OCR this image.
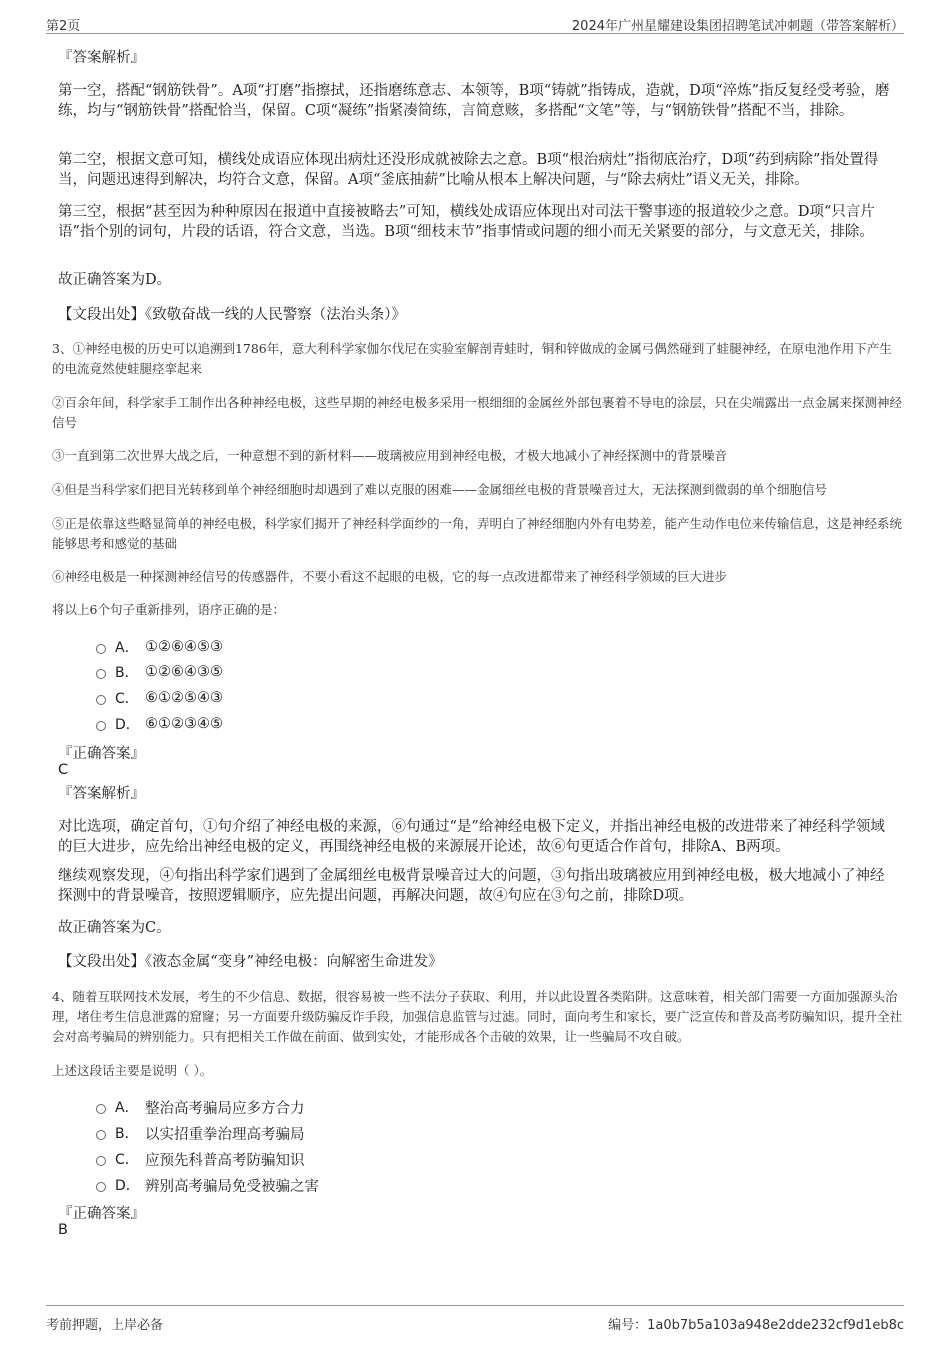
第2页	2024年广州星耀建设集团招聘笔试冲刺题（带答案解析）
『答案解析』
第一空，搭配“钢筋铁骨”。A项“打磨”指擦拭，还指磨练意志、本领等，B项“铸就”指铸成，造就，D项“淬炼”指反复经受考验，磨练，均与“钢筋铁骨”搭配恰当，保留。C项“凝练”指紧凑简练，言简意赅，多搭配“文笔”等，与“钢筋铁骨”搭配不当，排除。
第二空，根据文意可知，横线处成语应体现出病灶还没形成就被除去之意。B项“根治病灶”指彻底治疗，D项“药到病除”指处置得当，问题迅速得到解决，均符合文意，保留。A项“釜底抽薪”比喻从根本上解决问题，与“除去病灶”语义无关，排除。
第三空，根据“甚至因为种种原因在报道中直接被略去”可知，横线处成语应体现出对司法干警事迹的报道较少之意。D项“只言片语”指个别的词句，片段的话语，符合文意，当选。B项“细枝末节”指事情或问题的细小而无关紧要的部分，与文意无关，排除。
故正确答案为D。
【文段出处】《致敬奋战一线的人民警察（法治头条）》
3、①神经电极的历史可以追溯到1786年，意大利科学家伽尔伐尼在实验室解剖青蛙时，铜和锌做成的金属弓偶然碰到了蛙腿神经，在原电池作用下产生的电流竟然使蛙腿痉挛起来
②百余年间，科学家手工制作出各种神经电极，这些早期的神经电极多采用一根细细的金属丝外部包裹着不导电的涂层，只在尖端露出一点金属来探测神经信号
③一直到第二次世界大战之后，一种意想不到的新材料——玻璃被应用到神经电极，才极大地减小了神经探测中的背景噪音
④但是当科学家们把目光转移到单个神经细胞时却遇到了难以克服的困难——金属细丝电极的背景噪音过大，无法探测到微弱的单个细胞信号
⑤正是依靠这些略显简单的神经电极，科学家们揭开了神经科学面纱的一角，弄明白了神经细胞内外有电势差，能产生动作电位来传输信息，这是神经系统能够思考和感觉的基础
⑥神经电极是一种探测神经信号的传感器件，不要小看这不起眼的电极，它的每一点改进都带来了神经科学领域的巨大进步
将以上6个句子重新排列，语序正确的是：
A． ①②⑥④⑤③
B． ①②⑥④③⑤
C． ⑥①②⑤④③
D． ⑥①②③④⑤
『正确答案』
C
『答案解析』
对比选项，确定首句，①句介绍了神经电极的来源，⑥句通过“是”给神经电极下定义，并指出神经电极的改进带来了神经科学领域的巨大进步，应先给出神经电极的定义，再围绕神经电极的来源展开论述，故⑥句更适合作首句，排除A、B两项。
继续观察发现，④句指出科学家们遇到了金属细丝电极背景噪音过大的问题，③句指出玻璃被应用到神经电极，极大地减小了神经探测中的背景噪音，按照逻辑顺序，应先提出问题，再解决问题，故④句应在③句之前，排除D项。
故正确答案为C。
【文段出处】《液态金属“变身”神经电极：向解密生命进发》
4、随着互联网技术发展，考生的不少信息、数据，很容易被一些不法分子获取、利用，并以此设置各类陷阱。这意味着，相关部门需要一方面加强源头治理，堵住考生信息泄露的窟窿；另一方面要升级防骗反诈手段，加强信息监管与过滤。同时，面向考生和家长，要广泛宣传和普及高考防骗知识，提升全社会对高考骗局的辨别能力。只有把相关工作做在前面、做到实处，才能形成各个击破的效果，让一些骗局不攻自破。
上述这段话主要是说明（ ）。
A． 整治高考骗局应多方合力
B． 以实招重拳治理高考骗局
C． 应预先科普高考防骗知识
D． 辨别高考骗局免受被骗之害
『正确答案』
B
考前押题，上岸必备	编号：1a0b7b5a103a948e2dde232cf9d1eb8c
